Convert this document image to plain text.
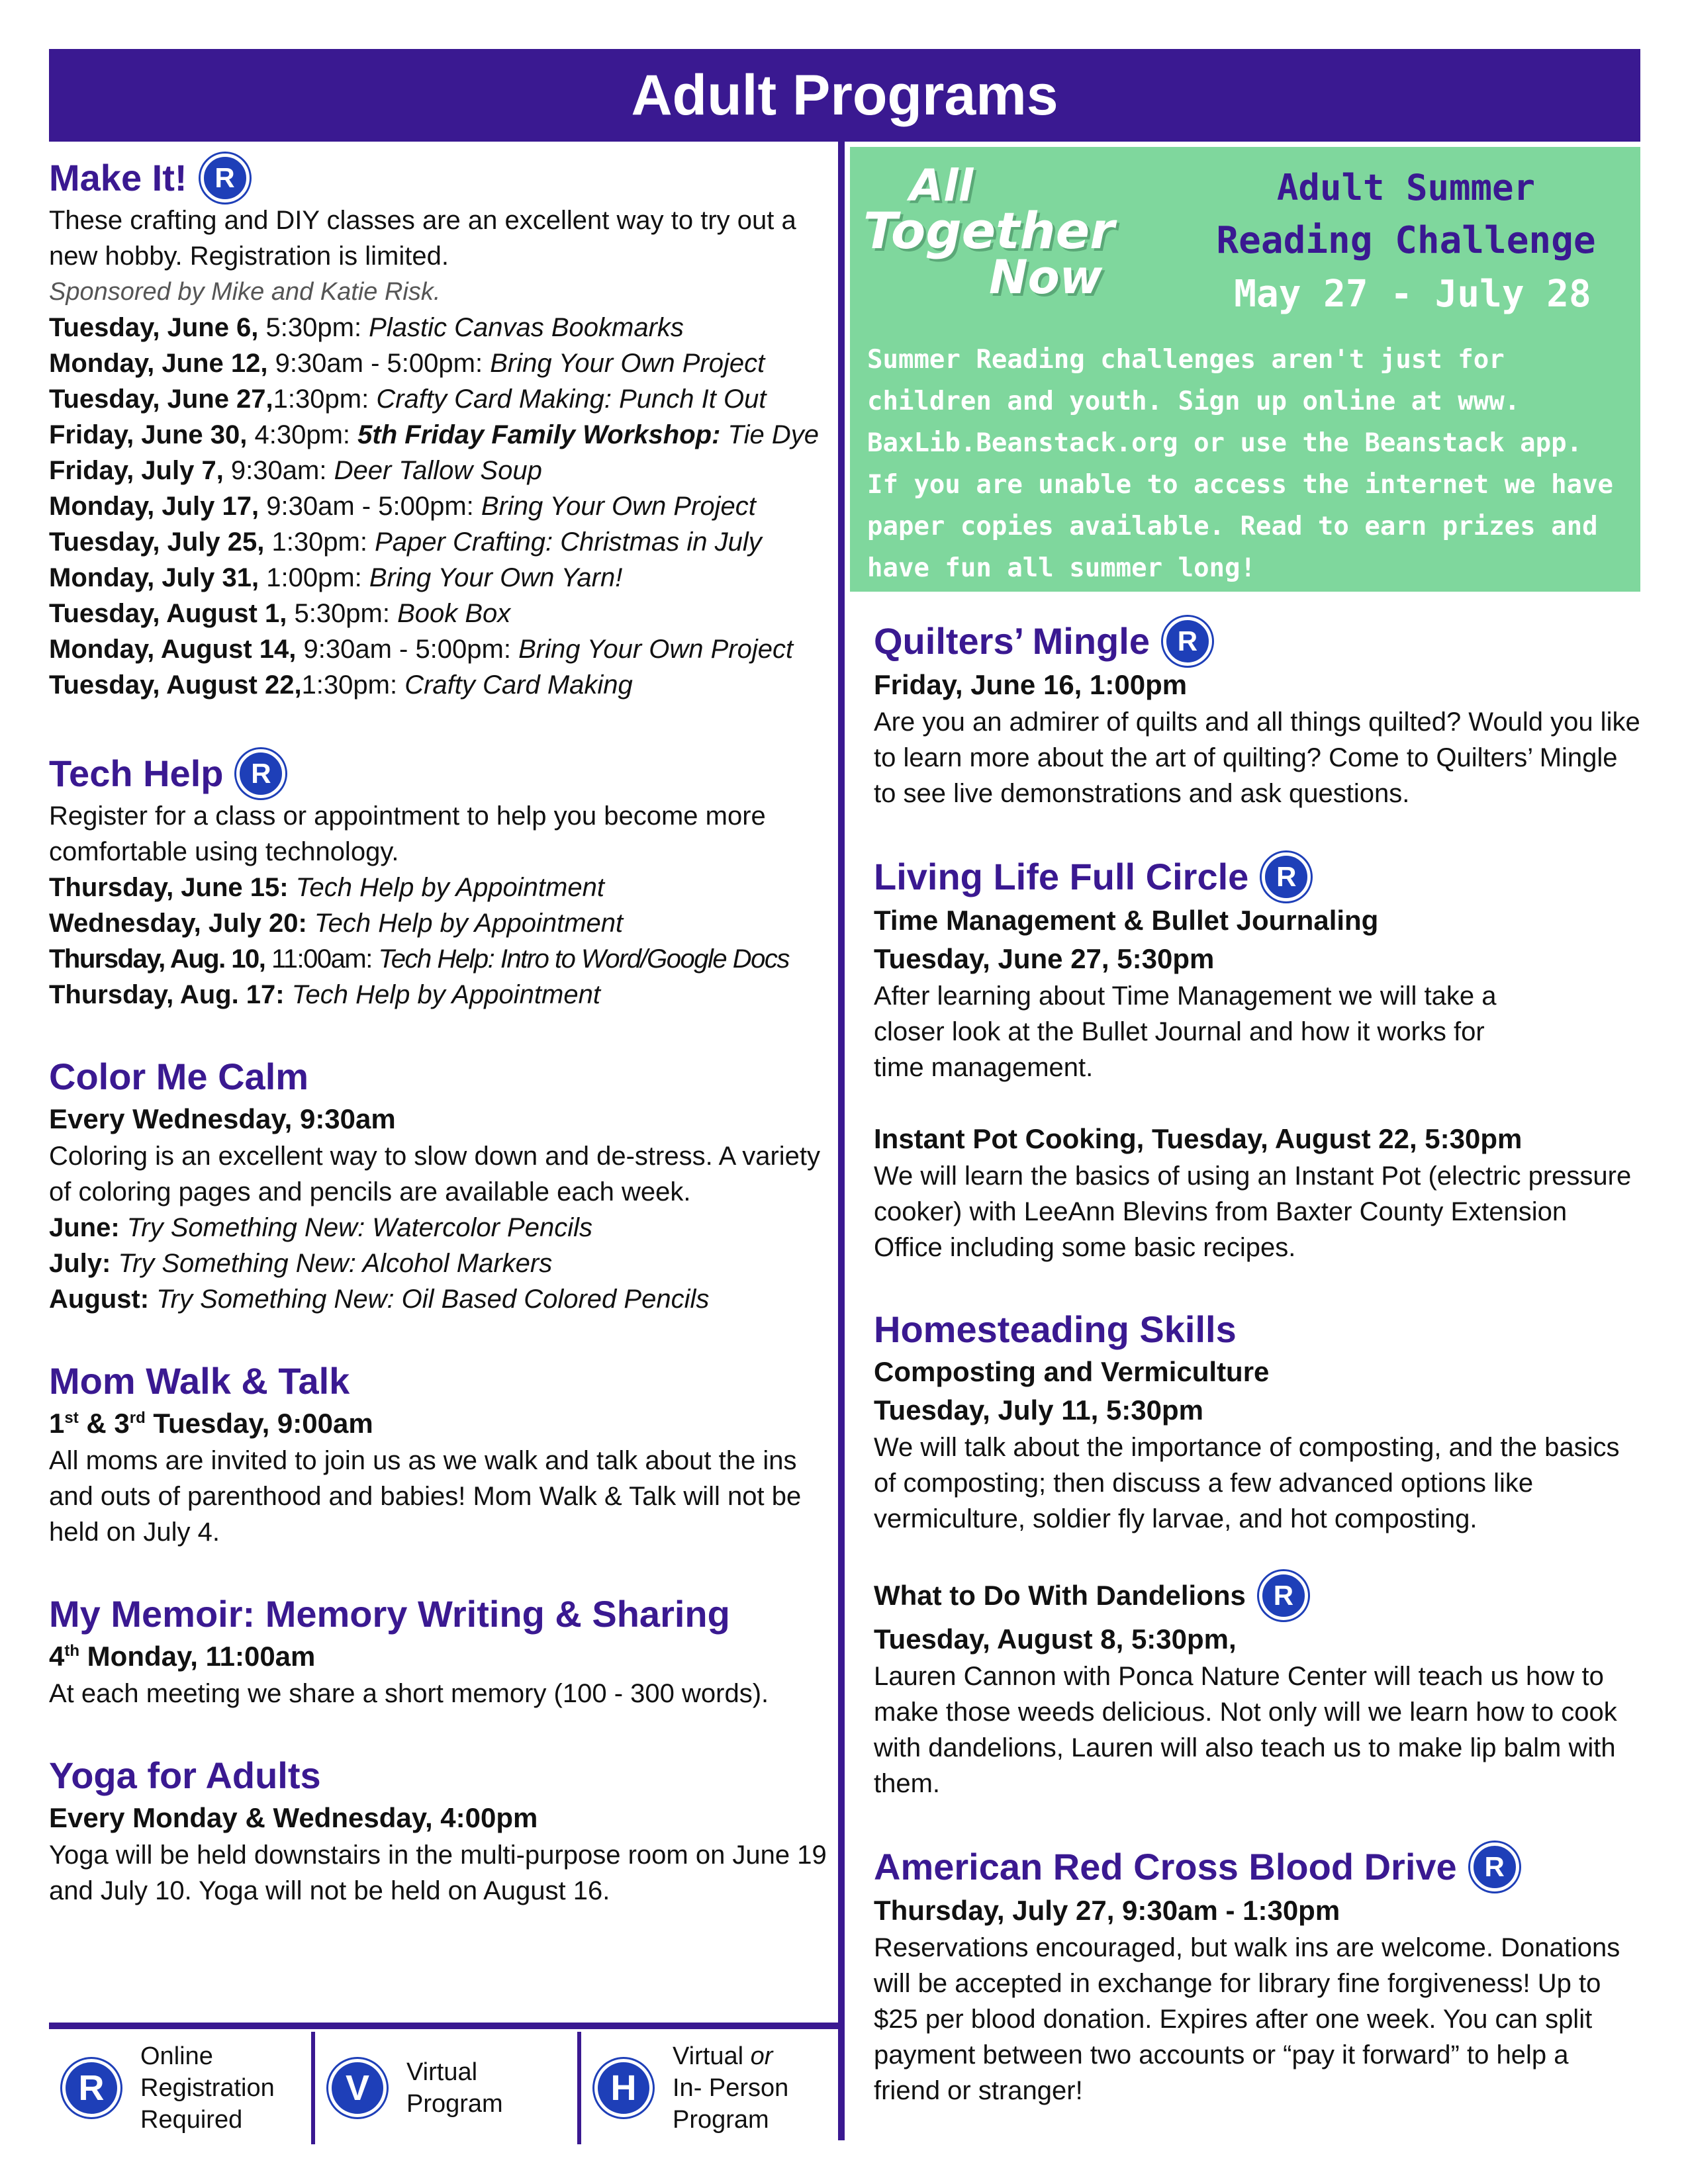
Adult Programs
Make It! R
These crafting and DIY classes are an excellent way to try out a new hobby. Registration is limited.
Sponsored by Mike and Katie Risk.
Tuesday, June 6, 5:30pm: Plastic Canvas Bookmarks
Monday, June 12, 9:30am - 5:00pm: Bring Your Own Project
Tuesday, June 27,1:30pm: Crafty Card Making: Punch It Out
Friday, June 30, 4:30pm: 5th Friday Family Workshop: Tie Dye
Friday, July 7, 9:30am: Deer Tallow Soup
Monday, July 17, 9:30am - 5:00pm: Bring Your Own Project
Tuesday, July 25, 1:30pm: Paper Crafting: Christmas in July
Monday, July 31, 1:00pm: Bring Your Own Yarn!
Tuesday, August 1, 5:30pm: Book Box
Monday, August 14, 9:30am - 5:00pm: Bring Your Own Project
Tuesday, August 22,1:30pm: Crafty Card Making
Tech Help R
Register for a class or appointment to help you become more comfortable using technology.
Thursday, June 15: Tech Help by Appointment
Wednesday, July 20: Tech Help by Appointment
Thursday, Aug. 10, 11:00am: Tech Help: Intro to Word/Google Docs
Thursday, Aug. 17: Tech Help by Appointment
Color Me Calm
Every Wednesday, 9:30am
Coloring is an excellent way to slow down and de-stress. A variety of coloring pages and pencils are available each week.
June: Try Something New: Watercolor Pencils
July: Try Something New: Alcohol Markers
August: Try Something New: Oil Based Colored Pencils
Mom Walk & Talk
1st & 3rd Tuesday, 9:00am
All moms are invited to join us as we walk and talk about the ins and outs of parenthood and babies! Mom Walk & Talk will not be held on July 4.
My Memoir: Memory Writing & Sharing
4th Monday, 11:00am
At each meeting we share a short memory (100 - 300 words).
Yoga for Adults
Every Monday & Wednesday, 4:00pm
Yoga will be held downstairs in the multi-purpose room on June 19 and July 10. Yoga will not be held on August 16.
All
Together
Now
Adult Summer
Reading Challenge
May 27 - July 28
Summer Reading challenges aren't just for children and youth. Sign up online at www. BaxLib.Beanstack.org or use the Beanstack app. If you are unable to access the internet we have paper copies available. Read to earn prizes and have fun all summer long!
Quilters’ Mingle R
Friday, June 16, 1:00pm
Are you an admirer of quilts and all things quilted? Would you like to learn more about the art of quilting? Come to Quilters’ Mingle to see live demonstrations and ask questions.
Living Life Full Circle R
Time Management & Bullet Journaling
Tuesday, June 27, 5:30pm
After learning about Time Management we will take a closer look at the Bullet Journal and how it works for time management.
Instant Pot Cooking, Tuesday, August 22, 5:30pm
We will learn the basics of using an Instant Pot (electric pressure cooker) with LeeAnn Blevins from Baxter County Extension Office including some basic recipes.
Homesteading Skills
Composting and Vermiculture
Tuesday, July 11, 5:30pm
We will talk about the importance of composting, and the basics of composting; then discuss a few advanced options like vermiculture, soldier fly larvae, and hot composting.
What to Do With Dandelions R
Tuesday, August 8, 5:30pm,
Lauren Cannon with Ponca Nature Center will teach us how to make those weeds delicious. Not only will we learn how to cook with dandelions, Lauren will also teach us to make lip balm with them.
American Red Cross Blood Drive R
Thursday, July 27, 9:30am - 1:30pm
Reservations encouraged, but walk ins are welcome. Donations will be accepted in exchange for library fine forgiveness! Up to $25 per blood donation. Expires after one week. You can split payment between two accounts or “pay it forward” to help a friend or stranger!
R
Online
Registration
Required
V	Virtual
Program	H
Virtual or
In- Person
Program
